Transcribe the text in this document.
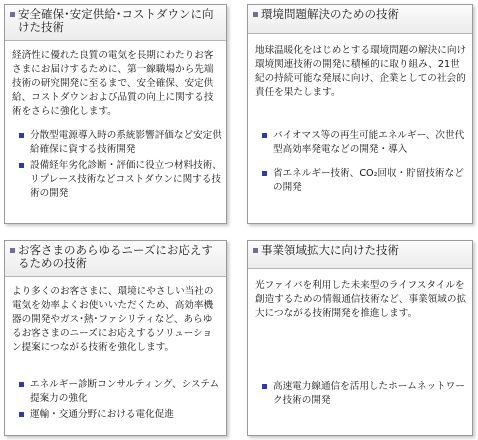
安全確保･安定供給･コストダウンに向けた技術

経済性に優れた良質の電気を長期にわたりお客さまにお届けするために、第一線職場から先端技術の研究開発に至るまで、安全確保、安定供給、コストダウンおよび品質の向上に関する技術をさらに強化します。

分散型電源導入時の系統影響評価など安定供給確保に資する技術開発
設備経年劣化診断・評価に役立つ材料技術、リプレース技術などコストダウンに関する技術の開発
環境問題解決のための技術

地球温暖化をはじめとする環境問題の解決に向け環境関連技術の開発に積極的に取り組み、21世紀の持続可能な発展に向け、企業としての社会的責任を果たします。

バイオマス等の再生可能エネルギー、次世代型高効率発電などの開発・導入
省エネルギー技術、CO₂回収・貯留技術などの開発
お客さまのあらゆるニーズにお応えするための技術

より多くのお客さまに、環境にやさしい当社の電気を効率よくお使いいただくため、高効率機器の開発やガス･熱･ファシリティなど、あらゆるお客さまのニーズにお応えするソリューション提案につながる技術を強化します。

エネルギー診断コンサルティング、システム提案力の強化
運輸・交通分野における電化促進
事業領域拡大に向けた技術

光ファイバを利用した未来型のライフスタイルを創造するための情報通信技術など、事業領域の拡大につながる技術開発を推進します。

高速電力線通信を活用したホームネットワーク技術の開発
